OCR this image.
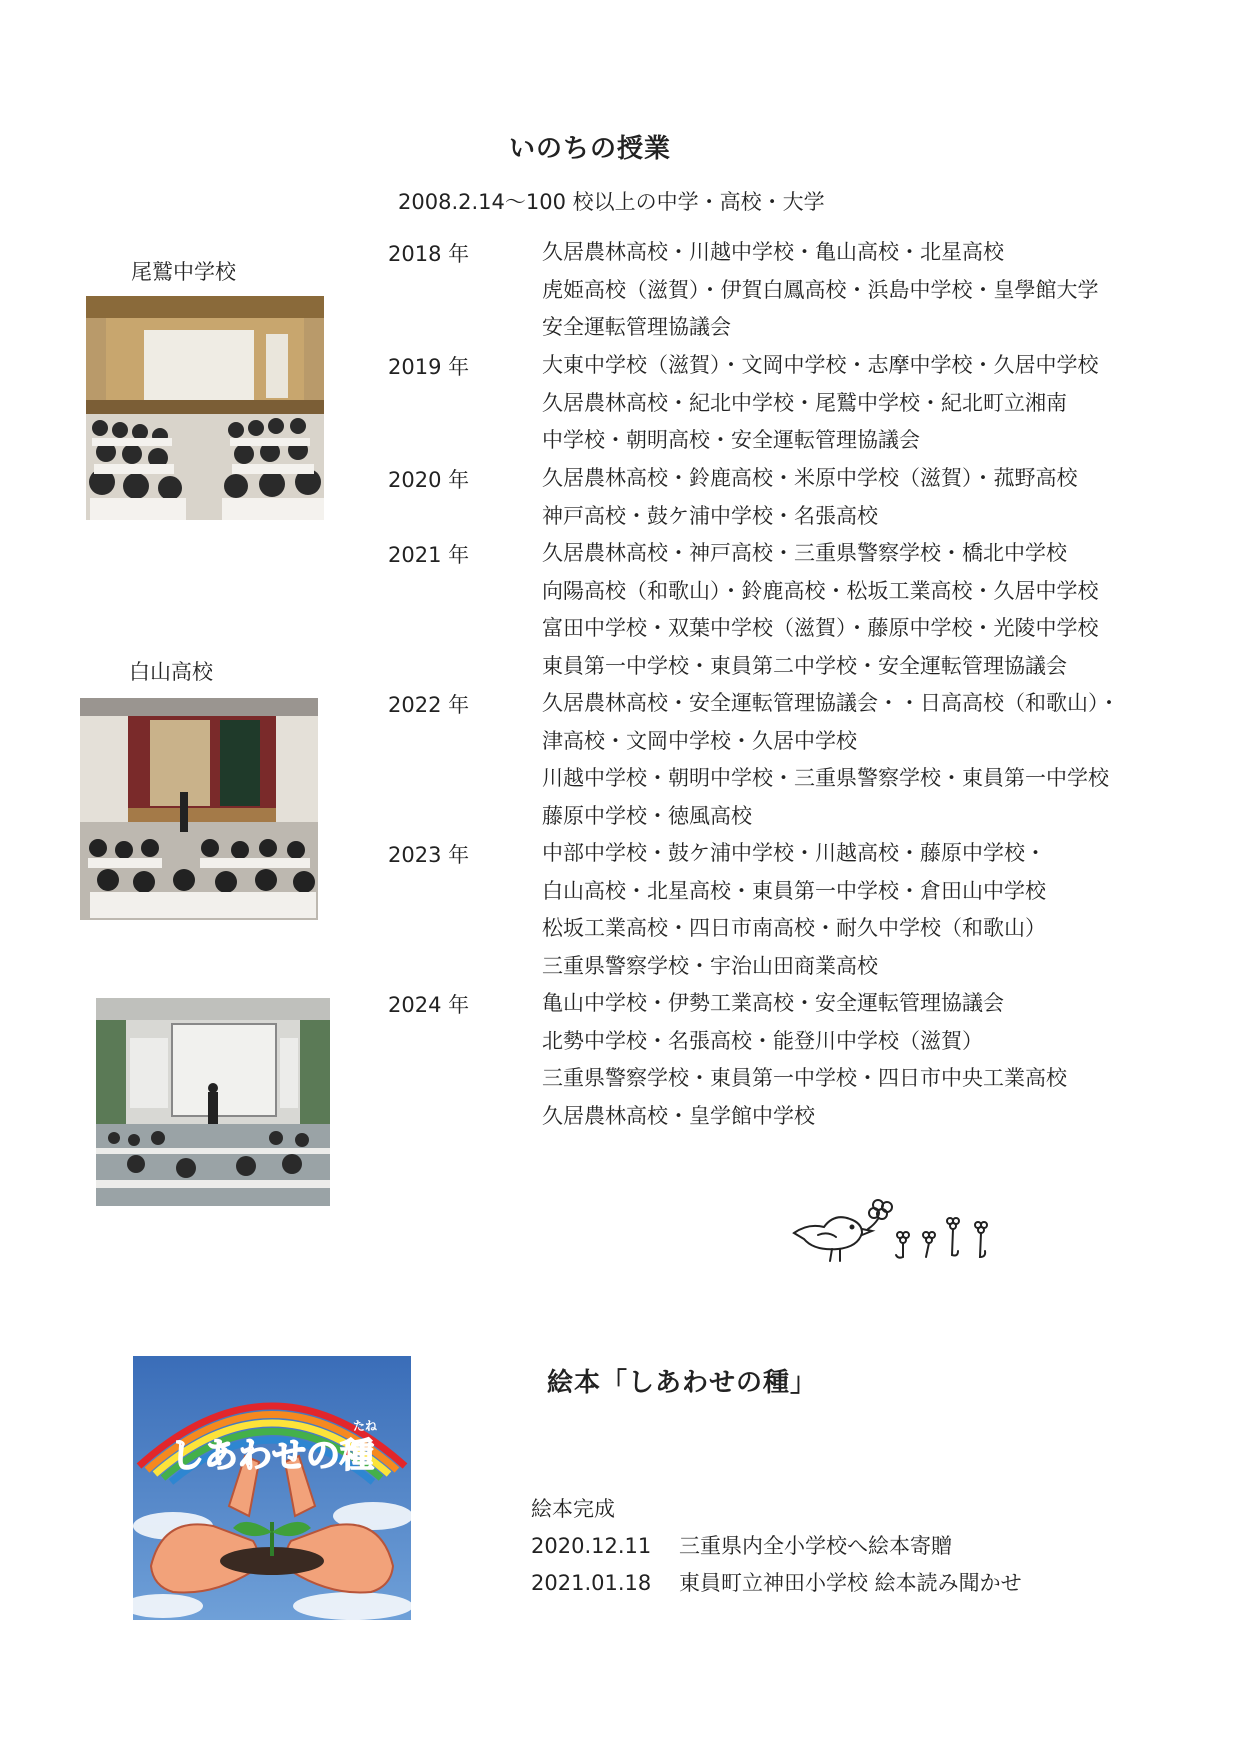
いのちの授業
2008.2.14〜100 校以上の中学・高校・大学
尾鷲中学校
白山高校
2018 年	久居農林高校・川越中学校・亀山高校・北星高校
虎姫高校（滋賀）・伊賀白鳳高校・浜島中学校・皇學館大学
安全運転管理協議会
2019 年	大東中学校（滋賀）・文岡中学校・志摩中学校・久居中学校
久居農林高校・紀北中学校・尾鷲中学校・紀北町立湘南
中学校・朝明高校・安全運転管理協議会
2020 年	久居農林高校・鈴鹿高校・米原中学校（滋賀）・菰野高校
神戸高校・鼓ケ浦中学校・名張高校
2021 年	久居農林高校・神戸高校・三重県警察学校・橋北中学校
向陽高校（和歌山）・鈴鹿高校・松坂工業高校・久居中学校
富田中学校・双葉中学校（滋賀）・藤原中学校・光陵中学校
東員第一中学校・東員第二中学校・安全運転管理協議会
2022 年	久居農林高校・安全運転管理協議会・・日高高校（和歌山）・
津高校・文岡中学校・久居中学校
川越中学校・朝明中学校・三重県警察学校・東員第一中学校
藤原中学校・徳風高校
2023 年	中部中学校・鼓ケ浦中学校・川越高校・藤原中学校・
白山高校・北星高校・東員第一中学校・倉田山中学校
松坂工業高校・四日市南高校・耐久中学校（和歌山）
三重県警察学校・宇治山田商業高校
2024 年	亀山中学校・伊勢工業高校・安全運転管理協議会
北勢中学校・名張高校・能登川中学校（滋賀）
三重県警察学校・東員第一中学校・四日市中央工業高校
久居農林高校・皇学館中学校
しあわせの種
たね
絵本「しあわせの種」
絵本完成
2020.12.11 三重県内全小学校へ絵本寄贈
2021.01.18 東員町立神田小学校 絵本読み聞かせ
